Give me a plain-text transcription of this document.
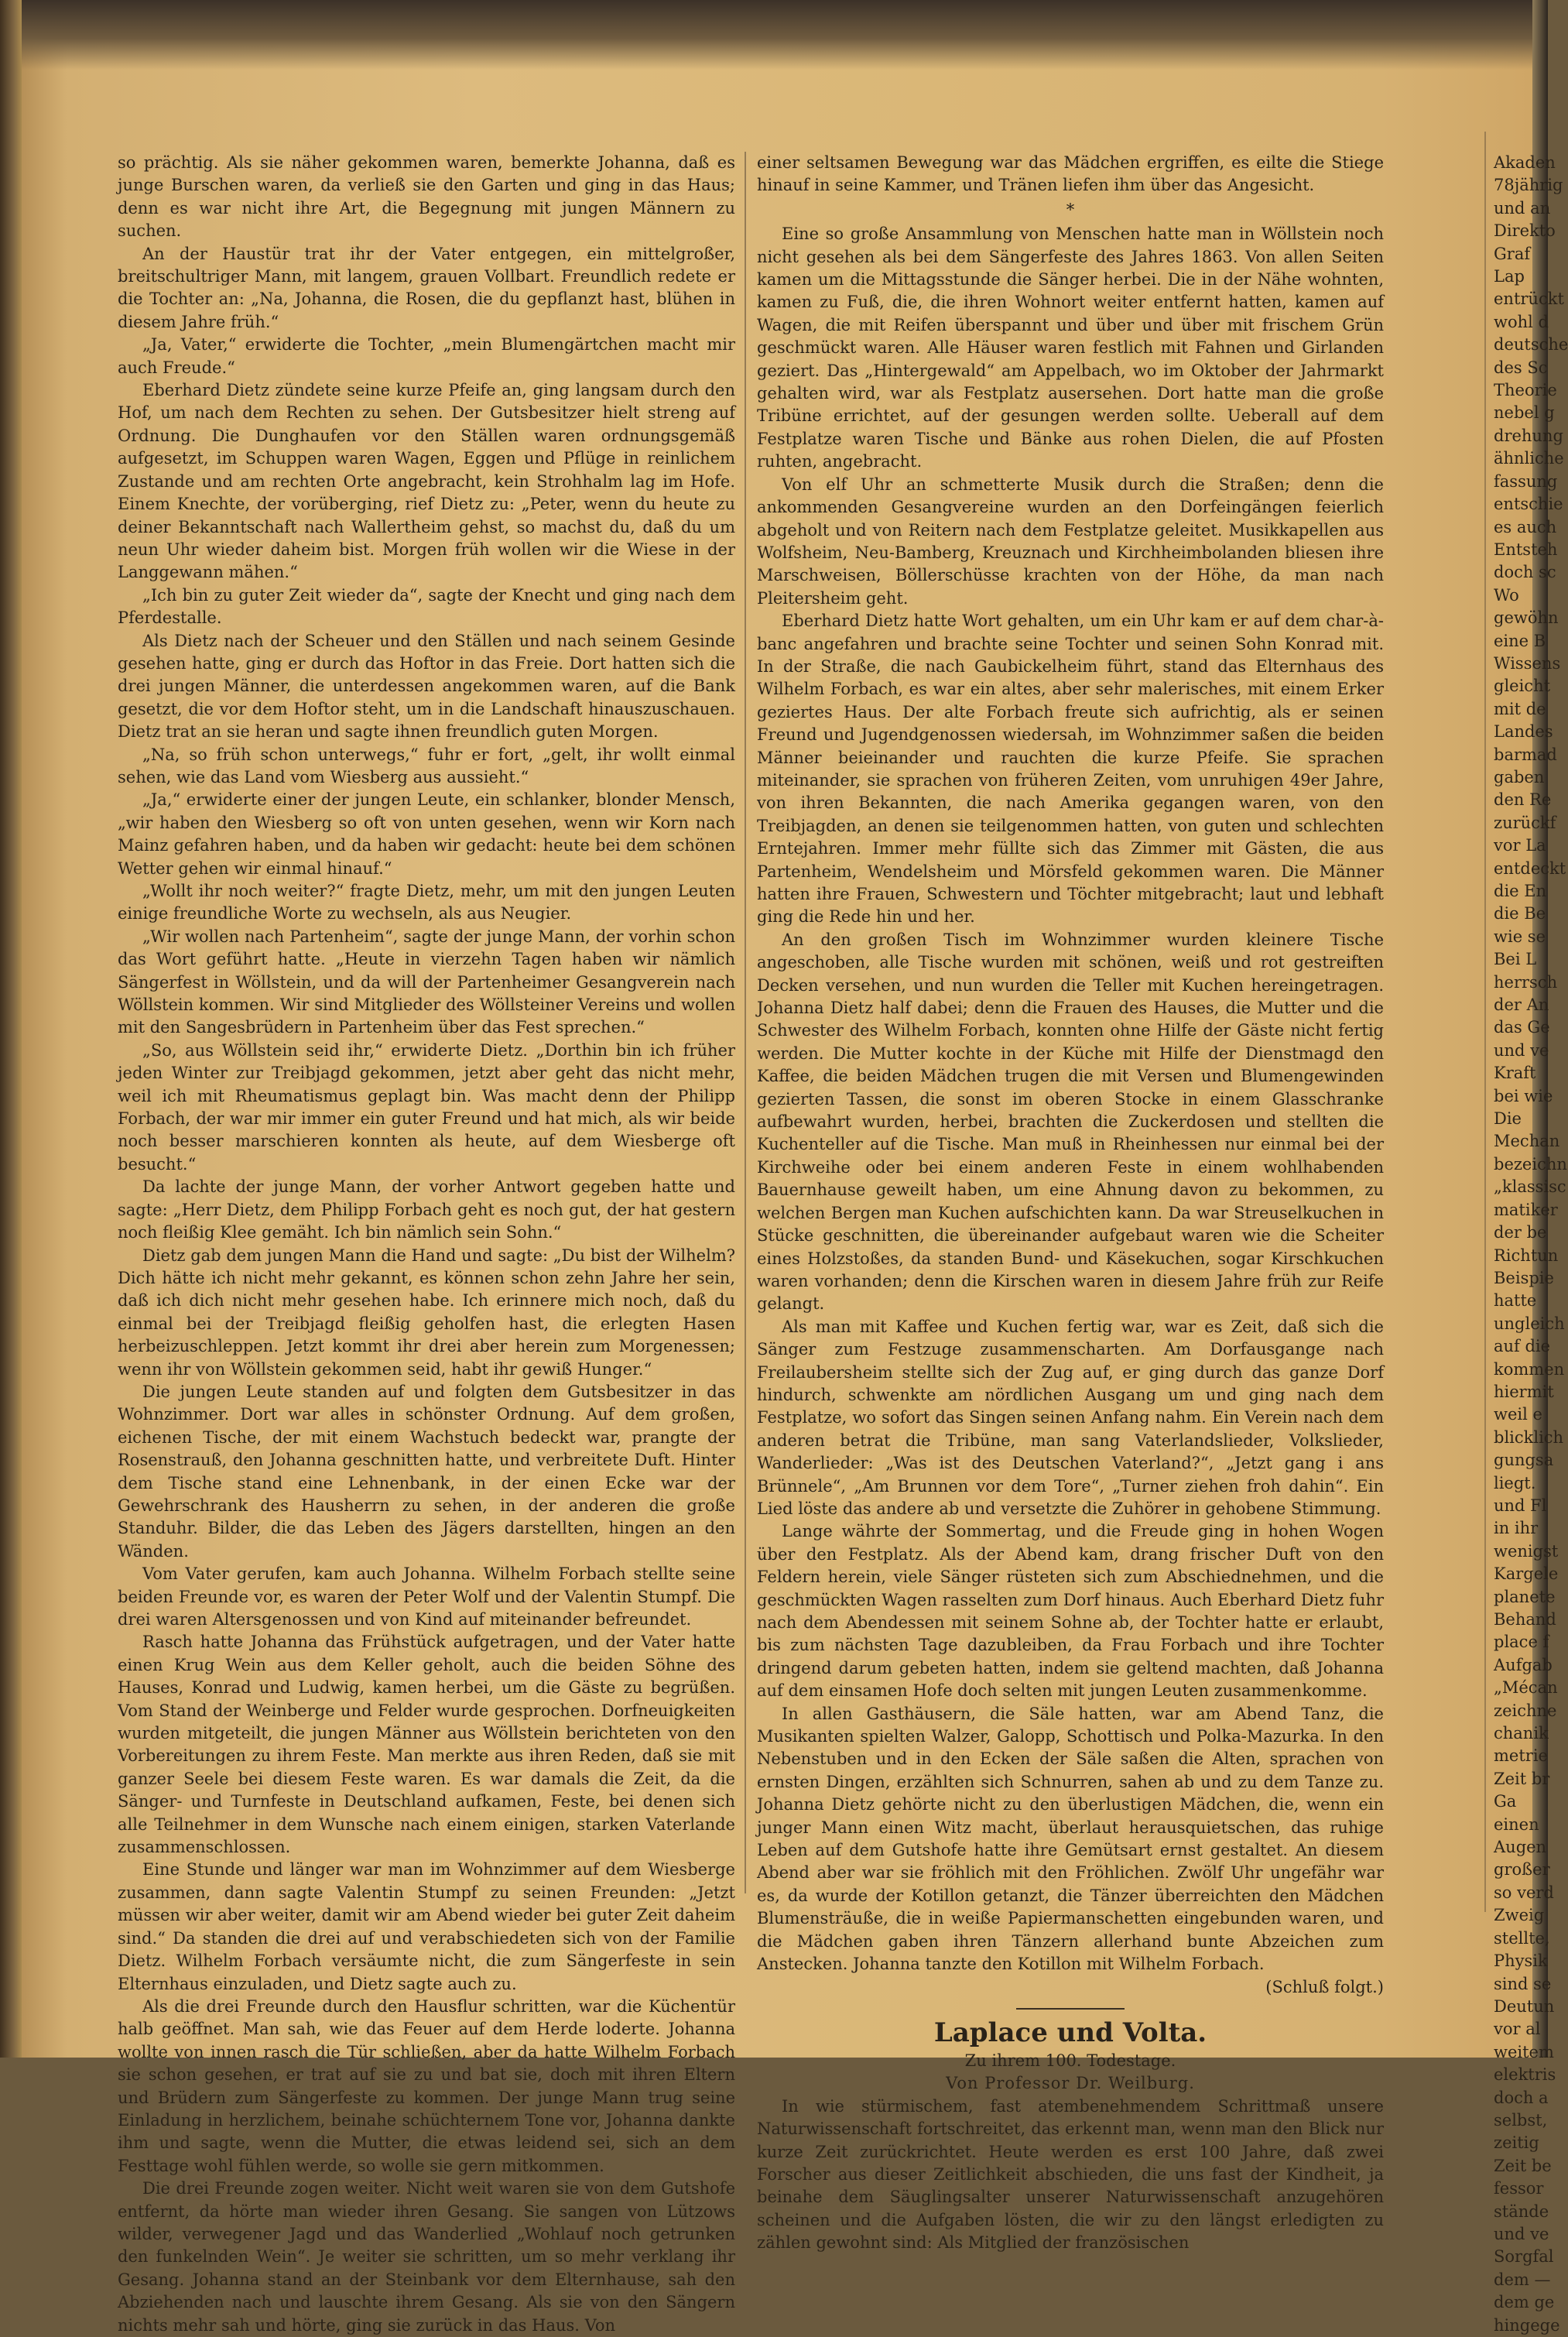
so prächtig. Als sie näher gekommen waren, bemerkte Johanna, daß es junge Burschen waren, da verließ sie den Garten und ging in das Haus; denn es war nicht ihre Art, die Begegnung mit jungen Männern zu suchen.

An der Haustür trat ihr der Vater entgegen, ein mittelgroßer, breitschultriger Mann, mit langem, grauen Vollbart. Freundlich redete er die Tochter an: „Na, Johanna, die Rosen, die du gepflanzt hast, blühen in diesem Jahre früh.“

„Ja, Vater,“ erwiderte die Tochter, „mein Blumengärtchen macht mir auch Freude.“

Eberhard Dietz zündete seine kurze Pfeife an, ging langsam durch den Hof, um nach dem Rechten zu sehen. Der Gutsbesitzer hielt streng auf Ordnung. Die Dunghaufen vor den Ställen waren ordnungsgemäß aufgesetzt, im Schuppen waren Wagen, Eggen und Pflüge in reinlichem Zustande und am rechten Orte angebracht, kein Strohhalm lag im Hofe. Einem Knechte, der vorüberging, rief Dietz zu: „Peter, wenn du heute zu deiner Bekanntschaft nach Wallertheim gehst, so machst du, daß du um neun Uhr wieder daheim bist. Morgen früh wollen wir die Wiese in der Langgewann mähen.“

„Ich bin zu guter Zeit wieder da“, sagte der Knecht und ging nach dem Pferdestalle.

Als Dietz nach der Scheuer und den Ställen und nach seinem Gesinde gesehen hatte, ging er durch das Hoftor in das Freie. Dort hatten sich die drei jungen Männer, die unterdessen angekommen waren, auf die Bank gesetzt, die vor dem Hoftor steht, um in die Landschaft hinauszuschauen. Dietz trat an sie heran und sagte ihnen freundlich guten Morgen.

„Na, so früh schon unterwegs,“ fuhr er fort, „gelt, ihr wollt einmal sehen, wie das Land vom Wiesberg aus aussieht.“

„Ja,“ erwiderte einer der jungen Leute, ein schlanker, blonder Mensch, „wir haben den Wiesberg so oft von unten gesehen, wenn wir Korn nach Mainz gefahren haben, und da haben wir gedacht: heute bei dem schönen Wetter gehen wir einmal hinauf.“

„Wollt ihr noch weiter?“ fragte Dietz, mehr, um mit den jungen Leuten einige freundliche Worte zu wechseln, als aus Neugier.

„Wir wollen nach Partenheim“, sagte der junge Mann, der vorhin schon das Wort geführt hatte. „Heute in vierzehn Tagen haben wir nämlich Sängerfest in Wöllstein, und da will der Partenheimer Gesangverein nach Wöllstein kommen. Wir sind Mitglieder des Wöllsteiner Vereins und wollen mit den Sangesbrüdern in Partenheim über das Fest sprechen.“

„So, aus Wöllstein seid ihr,“ erwiderte Dietz. „Dorthin bin ich früher jeden Winter zur Treibjagd gekommen, jetzt aber geht das nicht mehr, weil ich mit Rheumatismus geplagt bin. Was macht denn der Philipp Forbach, der war mir immer ein guter Freund und hat mich, als wir beide noch besser marschieren konnten als heute, auf dem Wiesberge oft besucht.“

Da lachte der junge Mann, der vorher Antwort gegeben hatte und sagte: „Herr Dietz, dem Philipp Forbach geht es noch gut, der hat gestern noch fleißig Klee gemäht. Ich bin nämlich sein Sohn.“

Dietz gab dem jungen Mann die Hand und sagte: „Du bist der Wilhelm? Dich hätte ich nicht mehr gekannt, es können schon zehn Jahre her sein, daß ich dich nicht mehr gesehen habe. Ich erinnere mich noch, daß du einmal bei der Treibjagd fleißig geholfen hast, die erlegten Hasen herbeizuschleppen. Jetzt kommt ihr drei aber herein zum Morgenessen; wenn ihr von Wöllstein gekommen seid, habt ihr gewiß Hunger.“

Die jungen Leute standen auf und folgten dem Gutsbesitzer in das Wohnzimmer. Dort war alles in schönster Ordnung. Auf dem großen, eichenen Tische, der mit einem Wachstuch bedeckt war, prangte der Rosenstrauß, den Johanna geschnitten hatte, und verbreitete Duft. Hinter dem Tische stand eine Lehnenbank, in der einen Ecke war der Gewehrschrank des Hausherrn zu sehen, in der anderen die große Standuhr. Bilder, die das Leben des Jägers darstellten, hingen an den Wänden.

Vom Vater gerufen, kam auch Johanna. Wilhelm Forbach stellte seine beiden Freunde vor, es waren der Peter Wolf und der Valentin Stumpf. Die drei waren Altersgenossen und von Kind auf miteinander befreundet.

Rasch hatte Johanna das Frühstück aufgetragen, und der Vater hatte einen Krug Wein aus dem Keller geholt, auch die beiden Söhne des Hauses, Konrad und Ludwig, kamen herbei, um die Gäste zu begrüßen. Vom Stand der Weinberge und Felder wurde gesprochen. Dorfneuigkeiten wurden mitgeteilt, die jungen Männer aus Wöllstein berichteten von den Vorbereitungen zu ihrem Feste. Man merkte aus ihren Reden, daß sie mit ganzer Seele bei diesem Feste waren. Es war damals die Zeit, da die Sänger- und Turnfeste in Deutschland aufkamen, Feste, bei denen sich alle Teilnehmer in dem Wunsche nach einem einigen, starken Vaterlande zusammenschlossen.

Eine Stunde und länger war man im Wohnzimmer auf dem Wiesberge zusammen, dann sagte Valentin Stumpf zu seinen Freunden: „Jetzt müssen wir aber weiter, damit wir am Abend wieder bei guter Zeit daheim sind.“ Da standen die drei auf und verabschiedeten sich von der Familie Dietz. Wilhelm Forbach versäumte nicht, die zum Sängerfeste in sein Elternhaus einzuladen, und Dietz sagte auch zu.

Als die drei Freunde durch den Hausflur schritten, war die Küchentür halb geöffnet. Man sah, wie das Feuer auf dem Herde loderte. Johanna wollte von innen rasch die Tür schließen, aber da hatte Wilhelm Forbach sie schon gesehen, er trat auf sie zu und bat sie, doch mit ihren Eltern und Brüdern zum Sängerfeste zu kommen. Der junge Mann trug seine Einladung in herzlichem, beinahe schüchternem Tone vor, Johanna dankte ihm und sagte, wenn die Mutter, die etwas leidend sei, sich an dem Festtage wohl fühlen werde, so wolle sie gern mitkommen.

Die drei Freunde zogen weiter. Nicht weit waren sie von dem Gutshofe entfernt, da hörte man wieder ihren Gesang. Sie sangen von Lützows wilder, verwegener Jagd und das Wanderlied „Wohlauf noch getrunken den funkelnden Wein“. Je weiter sie schritten, um so mehr verklang ihr Gesang. Johanna stand an der Steinbank vor dem Elternhause, sah den Abziehenden nach und lauschte ihrem Gesang. Als sie von den Sängern nichts mehr sah und hörte, ging sie zurück in das Haus. Von

einer seltsamen Bewegung war das Mädchen ergriffen, es eilte die Stiege hinauf in seine Kammer, und Tränen liefen ihm über das Angesicht.

*

Eine so große Ansammlung von Menschen hatte man in Wöllstein noch nicht gesehen als bei dem Sängerfeste des Jahres 1863. Von allen Seiten kamen um die Mittagsstunde die Sänger herbei. Die in der Nähe wohnten, kamen zu Fuß, die, die ihren Wohnort weiter entfernt hatten, kamen auf Wagen, die mit Reifen überspannt und über und über mit frischem Grün geschmückt waren. Alle Häuser waren festlich mit Fahnen und Girlanden geziert. Das „Hintergewald“ am Appelbach, wo im Oktober der Jahrmarkt gehalten wird, war als Festplatz ausersehen. Dort hatte man die große Tribüne errichtet, auf der gesungen werden sollte. Ueberall auf dem Festplatze waren Tische und Bänke aus rohen Dielen, die auf Pfosten ruhten, angebracht.

Von elf Uhr an schmetterte Musik durch die Straßen; denn die ankommenden Gesangvereine wurden an den Dorfeingängen feierlich abgeholt und von Reitern nach dem Festplatze geleitet. Musikkapellen aus Wolfsheim, Neu-Bamberg, Kreuznach und Kirchheimbolanden bliesen ihre Marschweisen, Böllerschüsse krachten von der Höhe, da man nach Pleitersheim geht.

Eberhard Dietz hatte Wort gehalten, um ein Uhr kam er auf dem char-à-banc angefahren und brachte seine Tochter und seinen Sohn Konrad mit. In der Straße, die nach Gaubickelheim führt, stand das Elternhaus des Wilhelm Forbach, es war ein altes, aber sehr malerisches, mit einem Erker geziertes Haus. Der alte Forbach freute sich aufrichtig, als er seinen Freund und Jugendgenossen wiedersah, im Wohnzimmer saßen die beiden Männer beieinander und rauchten die kurze Pfeife. Sie sprachen miteinander, sie sprachen von früheren Zeiten, vom unruhigen 49er Jahre, von ihren Bekannten, die nach Amerika gegangen waren, von den Treibjagden, an denen sie teilgenommen hatten, von guten und schlechten Erntejahren. Immer mehr füllte sich das Zimmer mit Gästen, die aus Partenheim, Wendelsheim und Mörsfeld gekommen waren. Die Männer hatten ihre Frauen, Schwestern und Töchter mitgebracht; laut und lebhaft ging die Rede hin und her.

An den großen Tisch im Wohnzimmer wurden kleinere Tische angeschoben, alle Tische wurden mit schönen, weiß und rot gestreiften Decken versehen, und nun wurden die Teller mit Kuchen hereingetragen. Johanna Dietz half dabei; denn die Frauen des Hauses, die Mutter und die Schwester des Wilhelm Forbach, konnten ohne Hilfe der Gäste nicht fertig werden. Die Mutter kochte in der Küche mit Hilfe der Dienstmagd den Kaffee, die beiden Mädchen trugen die mit Versen und Blumengewinden gezierten Tassen, die sonst im oberen Stocke in einem Glasschranke aufbewahrt wurden, herbei, brachten die Zuckerdosen und stellten die Kuchenteller auf die Tische. Man muß in Rheinhessen nur einmal bei der Kirchweihe oder bei einem anderen Feste in einem wohlhabenden Bauernhause geweilt haben, um eine Ahnung davon zu bekommen, zu welchen Bergen man Kuchen aufschichten kann. Da war Streuselkuchen in Stücke geschnitten, die übereinander aufgebaut waren wie die Scheiter eines Holzstoßes, da standen Bund- und Käsekuchen, sogar Kirschkuchen waren vorhanden; denn die Kirschen waren in diesem Jahre früh zur Reife gelangt.

Als man mit Kaffee und Kuchen fertig war, war es Zeit, daß sich die Sänger zum Festzuge zusammenscharten. Am Dorfausgange nach Freilaubersheim stellte sich der Zug auf, er ging durch das ganze Dorf hindurch, schwenkte am nördlichen Ausgang um und ging nach dem Festplatze, wo sofort das Singen seinen Anfang nahm. Ein Verein nach dem anderen betrat die Tribüne, man sang Vaterlandslieder, Volkslieder, Wanderlieder: „Was ist des Deutschen Vaterland?“, „Jetzt gang i ans Brünnele“, „Am Brunnen vor dem Tore“, „Turner ziehen froh dahin“. Ein Lied löste das andere ab und versetzte die Zuhörer in gehobene Stimmung.

Lange währte der Sommertag, und die Freude ging in hohen Wogen über den Festplatz. Als der Abend kam, drang frischer Duft von den Feldern herein, viele Sänger rüsteten sich zum Abschiednehmen, und die geschmückten Wagen rasselten zum Dorf hinaus. Auch Eberhard Dietz fuhr nach dem Abendessen mit seinem Sohne ab, der Tochter hatte er erlaubt, bis zum nächsten Tage dazubleiben, da Frau Forbach und ihre Tochter dringend darum gebeten hatten, indem sie geltend machten, daß Johanna auf dem einsamen Hofe doch selten mit jungen Leuten zusammenkomme.

In allen Gasthäusern, die Säle hatten, war am Abend Tanz, die Musikanten spielten Walzer, Galopp, Schottisch und Polka-Mazurka. In den Nebenstuben und in den Ecken der Säle saßen die Alten, sprachen von ernsten Dingen, erzählten sich Schnurren, sahen ab und zu dem Tanze zu. Johanna Dietz gehörte nicht zu den überlustigen Mädchen, die, wenn ein junger Mann einen Witz macht, überlaut herausquietschen, das ruhige Leben auf dem Gutshofe hatte ihre Gemütsart ernst gestaltet. An diesem Abend aber war sie fröhlich mit den Fröhlichen. Zwölf Uhr ungefähr war es, da wurde der Kotillon getanzt, die Tänzer überreichten den Mädchen Blumensträuße, die in weiße Papiermanschetten eingebunden waren, und die Mädchen gaben ihren Tänzern allerhand bunte Abzeichen zum Anstecken. Johanna tanzte den Kotillon mit Wilhelm Forbach.

(Schluß folgt.)

Laplace und Volta.

Zu ihrem 100. Todestage.

Von Professor Dr. Weilburg.

In wie stürmischem, fast atembenehmendem Schrittmaß unsere Naturwissenschaft fortschreitet, das erkennt man, wenn man den Blick nur kurze Zeit zurückrichtet. Heute werden es erst 100 Jahre, daß zwei Forscher aus dieser Zeitlichkeit abschieden, die uns fast der Kindheit, ja beinahe dem Säuglingsalter unserer Naturwissenschaft anzugehören scheinen und die Aufgaben lösten, die wir zu den längst erledigten zu zählen gewohnt sind: Als Mitglied der französischen

Akaden

78jährig

und an

Direkto

Graf

Lap

entrückt

wohl d

deutsche

des Sc

Theorie

nebel g

drehung

ähnliche

fassung

entschie

es auch

Entsteh

doch sc

Wo

gewöhn

eine B

Wissens

gleicht

mit de

Landes

barmad

gaben

den Re

zurückf

vor La

entdeckt

die En

die Be

wie se

Bei L

herrsch

der An

das Ge

und ve

Kraft

bei wie

Die

Mechan

bezeichn

„klassisc

matiker

der be

Richtun

Beispie

hatte

ungleich

auf die

kommen

hiermit

weil e

blicklich

gungsa

liegt.

und Fl

in ihr

wenigst

Kargele

planete

Behand

place f

Aufgab

„Mécan

zeichne

chanik

metrie

Zeit br

Ga

einen

Augen

großer

so verd

Zweig

stellte,

Physik

sind se

Deutun

vor al

weitem

elektris

doch a

selbst,

zeitig

Zeit be

fessor

stände

und ve

Sorgfal

dem —

dem ge

hingege
